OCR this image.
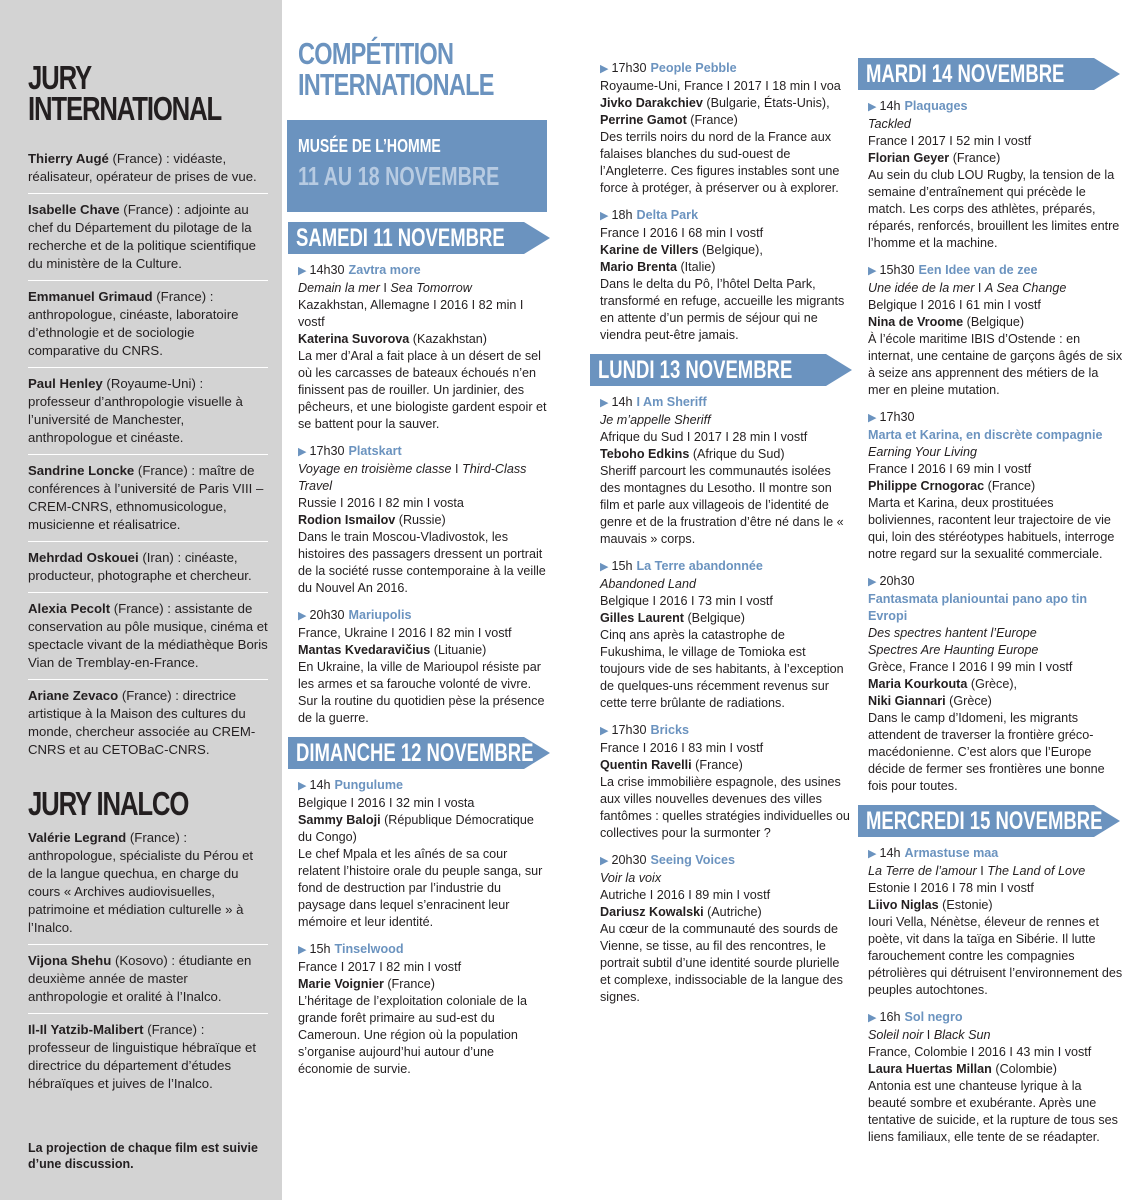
JURY INTERNATIONAL
Thierry Augé (France) : vidéaste, réalisateur, opérateur de prises de vue.
Isabelle Chave (France) : adjointe au chef du Département du pilotage de la recherche et de la politique scientifique du ministère de la Culture.
Emmanuel Grimaud (France) : anthropologue, cinéaste, laboratoire d’ethnologie et de sociologie comparative du CNRS.
Paul Henley (Royaume-Uni) : professeur d’anthropologie visuelle à l’université de Manchester, anthropologue et cinéaste.
Sandrine Loncke (France) : maître de conférences à l’université de Paris VIII – CREM-CNRS, ethnomusicologue, musicienne et réalisatrice.
Mehrdad Oskouei (Iran) : cinéaste, producteur, photographe et chercheur.
Alexia Pecolt (France) : assistante de conservation au pôle musique, cinéma et spectacle vivant de la médiathèque Boris Vian de Tremblay-en-France.
Ariane Zevaco (France) : directrice artistique à la Maison des cultures du monde, chercheur associée au CREM-CNRS et au CETOBaC-CNRS.
JURY INALCO
Valérie Legrand (France) : anthropologue, spécialiste du Pérou et de la langue quechua, en charge du cours « Archives audiovisuelles, patrimoine et médiation culturelle » à l’Inalco.
Vijona Shehu (Kosovo) : étudiante en deuxième année de master anthropologie et oralité à l’Inalco.
Il-Il Yatzib-Malibert (France) : professeur de linguistique hébraïque et directrice du département d’études hébraïques et juives de l’Inalco.
La projection de chaque film est suivie d’une discussion.
COMPÉTITION INTERNATIONALE
MUSÉE DE L’HOMME
11 AU 18 NOVEMBRE
SAMEDI 11 NOVEMBRE
▶ 14h30 Zavtra more
Demain la mer I Sea Tomorrow
Kazakhstan, Allemagne I 2016 I 82 min I vostf
Katerina Suvorova (Kazakhstan)
La mer d’Aral a fait place à un désert de sel où les carcasses de bateaux échoués n’en finissent pas de rouiller. Un jardinier, des pêcheurs, et une biologiste gardent espoir et se battent pour la sauver.
▶ 17h30 Platskart
Voyage en troisième classe I Third-Class Travel
Russie I 2016 I 82 min I vosta
Rodion Ismailov (Russie)
Dans le train Moscou-Vladivostok, les histoires des passagers dressent un portrait de la société russe contemporaine à la veille du Nouvel An 2016.
▶ 20h30 Mariupolis
France, Ukraine I 2016 I 82 min I vostf
Mantas Kvedaravičius (Lituanie)
En Ukraine, la ville de Marioupol résiste par les armes et sa farouche volonté de vivre. Sur la routine du quotidien pèse la présence de la guerre.
DIMANCHE 12 NOVEMBRE
▶ 14h Pungulume
Belgique I 2016 I 32 min I vosta
Sammy Baloji (République Démocratique du Congo)
Le chef Mpala et les aînés de sa cour relatent l’histoire orale du peuple sanga, sur fond de destruction par l’industrie du paysage dans lequel s’enracinent leur mémoire et leur identité.
▶ 15h Tinselwood
France I 2017 I 82 min I vostf
Marie Voignier (France)
L’héritage de l’exploitation coloniale de la grande forêt primaire au sud-est du Cameroun. Une région où la population s’organise aujourd’hui autour d’une économie de survie.
▶ 17h30 People Pebble
Royaume-Uni, France I 2017 I 18 min I voa
Jivko Darakchiev (Bulgarie, États-Unis),
Perrine Gamot (France)
Des terrils noirs du nord de la France aux falaises blanches du sud-ouest de l’Angleterre. Ces figures instables sont une force à protéger, à préserver ou à explorer.
▶ 18h Delta Park
France I 2016 I 68 min I vostf
Karine de Villers (Belgique),
Mario Brenta (Italie)
Dans le delta du Pô, l’hôtel Delta Park, transformé en refuge, accueille les migrants en attente d’un permis de séjour qui ne viendra peut-être jamais.
LUNDI 13 NOVEMBRE
▶ 14h I Am Sheriff
Je m’appelle Sheriff
Afrique du Sud I 2017 I 28 min I vostf
Teboho Edkins (Afrique du Sud)
Sheriff parcourt les communautés isolées des montagnes du Lesotho. Il montre son film et parle aux villageois de l’identité de genre et de la frustration d’être né dans le « mauvais » corps.
▶ 15h La Terre abandonnée
Abandoned Land
Belgique I 2016 I 73 min I vostf
Gilles Laurent (Belgique)
Cinq ans après la catastrophe de Fukushima, le village de Tomioka est toujours vide de ses habitants, à l’exception de quelques-uns récemment revenus sur cette terre brûlante de radiations.
▶ 17h30 Bricks
France I 2016 I 83 min I vostf
Quentin Ravelli (France)
La crise immobilière espagnole, des usines aux villes nouvelles devenues des villes fantômes : quelles stratégies individuelles ou collectives pour la surmonter ?
▶ 20h30 Seeing Voices
Voir la voix
Autriche I 2016 I 89 min I vostf
Dariusz Kowalski (Autriche)
Au cœur de la communauté des sourds de Vienne, se tisse, au fil des rencontres, le portrait subtil d’une identité sourde plurielle et complexe, indissociable de la langue des signes.
MARDI 14 NOVEMBRE
▶ 14h Plaquages
Tackled
France I 2017 I 52 min I vostf
Florian Geyer (France)
Au sein du club LOU Rugby, la tension de la semaine d’entraînement qui précède le match. Les corps des athlètes, préparés, réparés, renforcés, brouillent les limites entre l’homme et la machine.
▶ 15h30 Een Idee van de zee
Une idée de la mer I A Sea Change
Belgique I 2016 I 61 min I vostf
Nina de Vroome (Belgique)
À l’école maritime IBIS d’Ostende : en internat, une centaine de garçons âgés de six à seize ans apprennent des métiers de la mer en pleine mutation.
▶ 17h30
Marta et Karina, en discrète compagnie
Earning Your Living
France I 2016 I 69 min I vostf
Philippe Crnogorac (France)
Marta et Karina, deux prostituées boliviennes, racontent leur trajectoire de vie qui, loin des stéréotypes habituels, interroge notre regard sur la sexualité commerciale.
▶ 20h30
Fantasmata planiountai pano apo tin Evropi
Des spectres hantent l’Europe
Spectres Are Haunting Europe
Grèce, France I 2016 I 99 min I vostf
Maria Kourkouta (Grèce),
Niki Giannari (Grèce)
Dans le camp d’Idomeni, les migrants attendent de traverser la frontière gréco-macédonienne. C’est alors que l’Europe décide de fermer ses frontières une bonne fois pour toutes.
MERCREDI 15 NOVEMBRE
▶ 14h Armastuse maa
La Terre de l’amour I The Land of Love
Estonie I 2016 I 78 min I vostf
Liivo Niglas (Estonie)
Iouri Vella, Nénètse, éleveur de rennes et poète, vit dans la taïga en Sibérie. Il lutte farouchement contre les compagnies pétrolières qui détruisent l’environnement des peuples autochtones.
▶ 16h Sol negro
Soleil noir I Black Sun
France, Colombie I 2016 I 43 min I vostf
Laura Huertas Millan (Colombie)
Antonia est une chanteuse lyrique à la beauté sombre et exubérante. Après une tentative de suicide, et la rupture de tous ses liens familiaux, elle tente de se réadapter.
